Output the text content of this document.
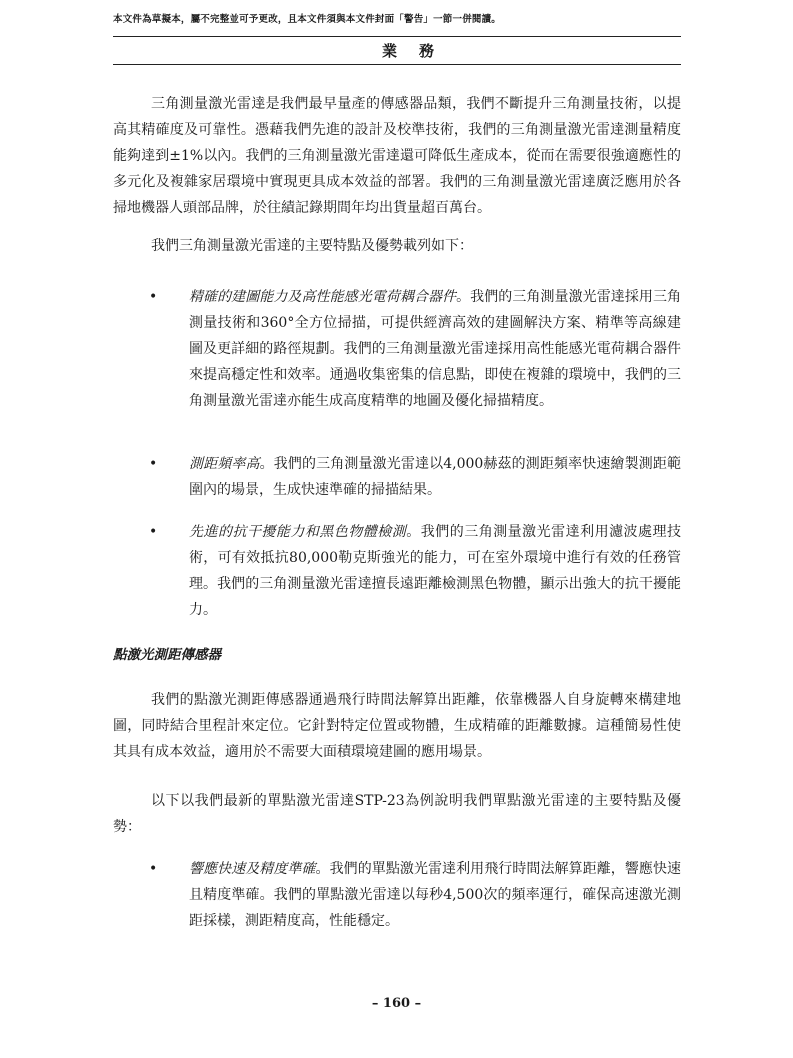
本文件為草擬本，屬不完整並可予更改，且本文件須與本文件封面「警告」一節一併閱讀。
業務

三角測量激光雷達是我們最早量產的傳感器品類，我們不斷提升三角測量技術，以提高其精確度及可靠性。憑藉我們先進的設計及校準技術，我們的三角測量激光雷達測量精度能夠達到±1%以內。我們的三角測量激光雷達還可降低生產成本，從而在需要很強適應性的多元化及複雜家居環境中實現更具成本效益的部署。我們的三角測量激光雷達廣泛應用於各掃地機器人頭部品牌，於往績記錄期間年均出貨量超百萬台。

我們三角測量激光雷達的主要特點及優勢載列如下：

• 精確的建圖能力及高性能感光電荷耦合器件。我們的三角測量激光雷達採用三角測量技術和360°全方位掃描，可提供經濟高效的建圖解決方案、精準等高線建圖及更詳細的路徑規劃。我們的三角測量激光雷達採用高性能感光電荷耦合器件來提高穩定性和效率。通過收集密集的信息點，即使在複雜的環境中，我們的三角測量激光雷達亦能生成高度精準的地圖及優化掃描精度。

• 測距頻率高。我們的三角測量激光雷達以4,000赫茲的測距頻率快速繪製測距範圍內的場景，生成快速準確的掃描結果。

• 先進的抗干擾能力和黑色物體檢測。我們的三角測量激光雷達利用濾波處理技術，可有效抵抗80,000勒克斯強光的能力，可在室外環境中進行有效的任務管理。我們的三角測量激光雷達擅長遠距離檢測黑色物體，顯示出強大的抗干擾能力。

點激光測距傳感器

我們的點激光測距傳感器通過飛行時間法解算出距離，依靠機器人自身旋轉來構建地圖，同時結合里程計來定位。它針對特定位置或物體，生成精確的距離數據。這種簡易性使其具有成本效益，適用於不需要大面積環境建圖的應用場景。

以下以我們最新的單點激光雷達STP-23為例說明我們單點激光雷達的主要特點及優勢：

• 響應快速及精度準確。我們的單點激光雷達利用飛行時間法解算距離，響應快速且精度準確。我們的單點激光雷達以每秒4,500次的頻率運行，確保高速激光測距採樣，測距精度高，性能穩定。

– 160 –
